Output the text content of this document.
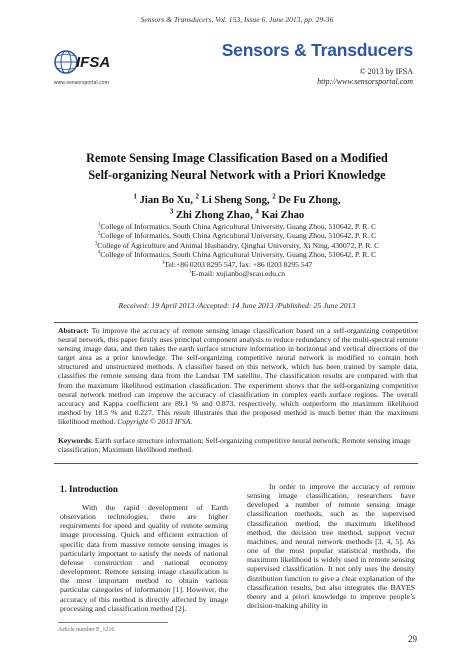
Sensors & Transducers, Vol. 153, Issue 6, June 2013, pp. 29-36
IFSA
www.sensorsportal.com
Sensors & Transducers
© 2013 by IFSA
http://www.sensorsportal.com
Remote Sensing Image Classification Based on a Modified
Self-organizing Neural Network with a Priori Knowledge
$^1$ Jian Bo Xu, $^2$ Li Sheng Song, $^2$ De Fu Zhong,
$^3$ Zhi Zhong Zhao, $^4$ Kai Zhao
$^1$College of Informatics, South China Agricultural University, Guang Zhou, 510642, P. R. C
$^2$College of Informatics, South China Agricultural University, Guang Zhou, 510642, P. R. C
$^3$College of Agriculture and Animal Husbandry, Qinghai University, Xi Ning, 430072, P. R. C
$^4$College of Informatics, South China Agricultural University, Guang Zhou, 510642, P. R. C
$^1$Tel:+86 0203 8295 547, fax: +86 0203 8295 547
$^1$E-mail: xujianbo@scau.edu.cn
Received: 19 April 2013 /Accepted: 14 June 2013 /Published: 25 June 2013
Abstract: To improve the accuracy of remote sensing image classification based on a self-organizing competitive neural network, this paper firstly uses principal component analysis to reduce redundancy of the multi-spectral remote sensing image data, and then takes the earth surface structure information in horizontal and vertical directions of the target area as a prior knowledge. The self-organizing competitive neural network is modified to contain both structured and unstructured methods. A classifier based on this network, which has been trained by sample data, classifies the remote sensing data from the Landsat TM satellite. The classification results are compared with that from the maximum likelihood estimation classification. The experiment shows that the self-organizing competitive neural network method can improve the accuracy of classification in complex earth surface regions. The overall accuracy and Kappa coefficient are 89.1 % and 0.873, respectively, which outperform the maximum likelihood method by 18.5 % and 0.227. This result illustrates that the proposed method is much better than the maximum likelihood method. Copyright © 2013 IFSA.
Keywords: Earth surface structure information; Self-organizing competitive neural network; Remote sensing image classification; Maximum likelihood method.
1. Introduction

With the rapid development of Earth observation technologies, there are higher requirements for speed and quality of remote sensing image processing. Quick and efficient extraction of specific data from massive remote sensing images is particularly important to satisfy the needs of national defense construction and national economy development. Remote sensing image classification is the most important method to obtain various particular categories of information [1]. However, the accuracy of this method is directly affected by image processing and classification method [2].

In order to improve the accuracy of remote sensing image classification, researchers have developed a number of remote sensing image classification methods, such as the supervised classification method, the maximum likelihood method, the decision tree method, support vector machines, and neural network methods [3, 4, 5]. As one of the most popular statistical methods, the maximum likelihood is widely used in remote sensing supervised classification. It not only uses the density distribution function to give a clear explanation of the classification results, but also integrates the BAYES theory and a priori knowledge to improve people’s decision-making ability in

Article number P_1216
29
